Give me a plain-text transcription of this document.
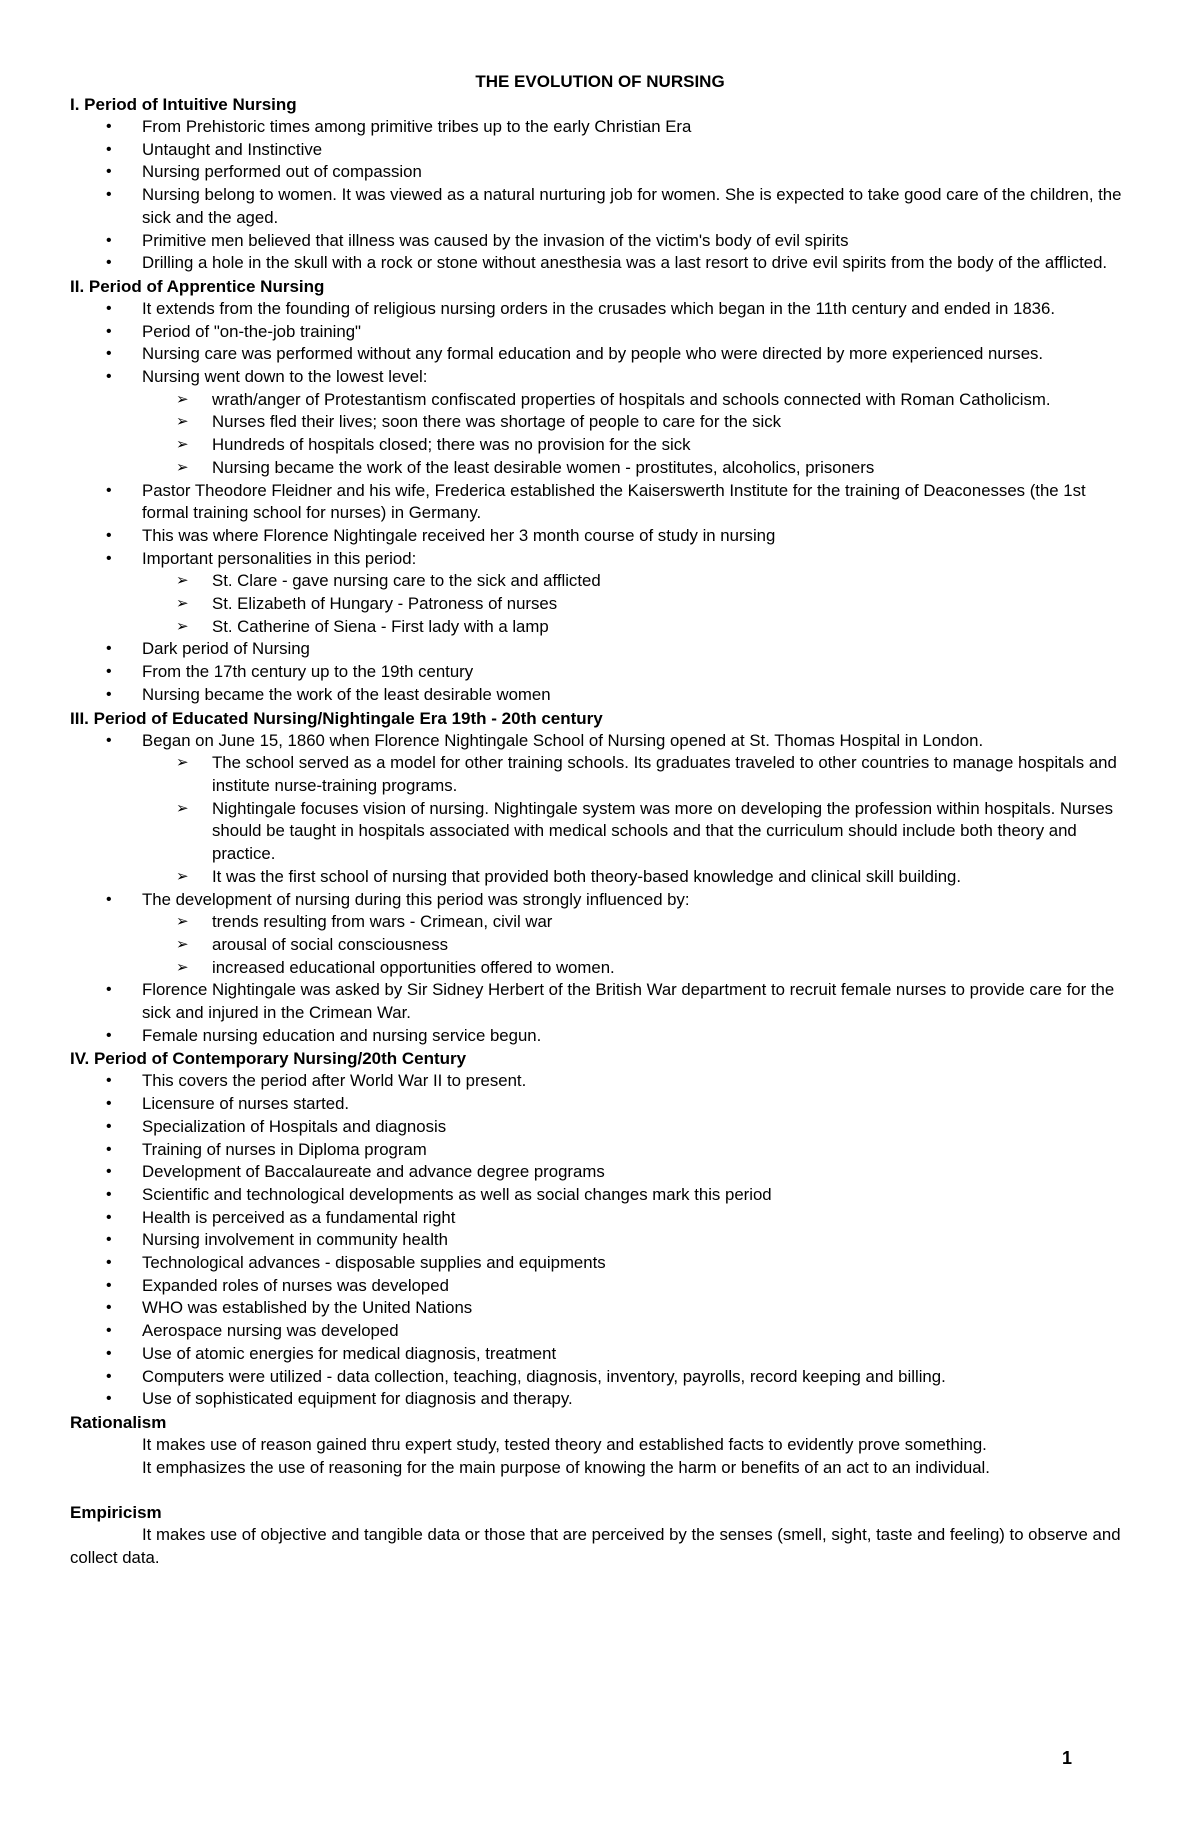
THE EVOLUTION OF NURSING

I. Period of Intuitive Nursing

• From Prehistoric times among primitive tribes up to the early Christian Era
• Untaught and Instinctive
• Nursing performed out of compassion
• Nursing belong to women. It was viewed as a natural nurturing job for women. She is expected to take good care of the children, the sick and the aged.
• Primitive men believed that illness was caused by the invasion of the victim's body of evil spirits
• Drilling a hole in the skull with a rock or stone without anesthesia was a last resort to drive evil spirits from the body of the afflicted.

II. Period of Apprentice Nursing

• It extends from the founding of religious nursing orders in the crusades which began in the 11th century and ended in 1836.
• Period of "on-the-job training"
• Nursing care was performed without any formal education and by people who were directed by more experienced nurses.
• Nursing went down to the lowest level:
➢ wrath/anger of Protestantism confiscated properties of hospitals and schools connected with Roman Catholicism.
➢ Nurses fled their lives; soon there was shortage of people to care for the sick
➢ Hundreds of hospitals closed; there was no provision for the sick
➢ Nursing became the work of the least desirable women - prostitutes, alcoholics, prisoners
• Pastor Theodore Fleidner and his wife, Frederica established the Kaiserswerth Institute for the training of Deaconesses (the 1st formal training school for nurses) in Germany.
• This was where Florence Nightingale received her 3 month course of study in nursing
• Important personalities in this period:
➢ St. Clare - gave nursing care to the sick and afflicted
➢ St. Elizabeth of Hungary - Patroness of nurses
➢ St. Catherine of Siena - First lady with a lamp
• Dark period of Nursing
• From the 17th century up to the 19th century
• Nursing became the work of the least desirable women

III. Period of Educated Nursing/Nightingale Era 19th - 20th century

• Began on June 15, 1860 when Florence Nightingale School of Nursing opened at St. Thomas Hospital in London.
➢ The school served as a model for other training schools. Its graduates traveled to other countries to manage hospitals and institute nurse-training programs.
➢ Nightingale focuses vision of nursing. Nightingale system was more on developing the profession within hospitals. Nurses should be taught in hospitals associated with medical schools and that the curriculum should include both theory and practice.
➢ It was the first school of nursing that provided both theory-based knowledge and clinical skill building.
• The development of nursing during this period was strongly influenced by:
➢ trends resulting from wars - Crimean, civil war
➢ arousal of social consciousness
➢ increased educational opportunities offered to women.
• Florence Nightingale was asked by Sir Sidney Herbert of the British War department to recruit female nurses to provide care for the sick and injured in the Crimean War.
• Female nursing education and nursing service begun.

IV. Period of Contemporary Nursing/20th Century

• This covers the period after World War II to present.
• Licensure of nurses started.
• Specialization of Hospitals and diagnosis
• Training of nurses in Diploma program
• Development of Baccalaureate and advance degree programs
• Scientific and technological developments as well as social changes mark this period
• Health is perceived as a fundamental right
• Nursing involvement in community health
• Technological advances - disposable supplies and equipments
• Expanded roles of nurses was developed
• WHO was established by the United Nations
• Aerospace nursing was developed
• Use of atomic energies for medical diagnosis, treatment
• Computers were utilized - data collection, teaching, diagnosis, inventory, payrolls, record keeping and billing.
• Use of sophisticated equipment for diagnosis and therapy.

Rationalism

It makes use of reason gained thru expert study, tested theory and established facts to evidently prove something.

It emphasizes the use of reasoning for the main purpose of knowing the harm or benefits of an act to an individual.

Empiricism

It makes use of objective and tangible data or those that are perceived by the senses (smell, sight, taste and feeling) to observe and collect data.

1
